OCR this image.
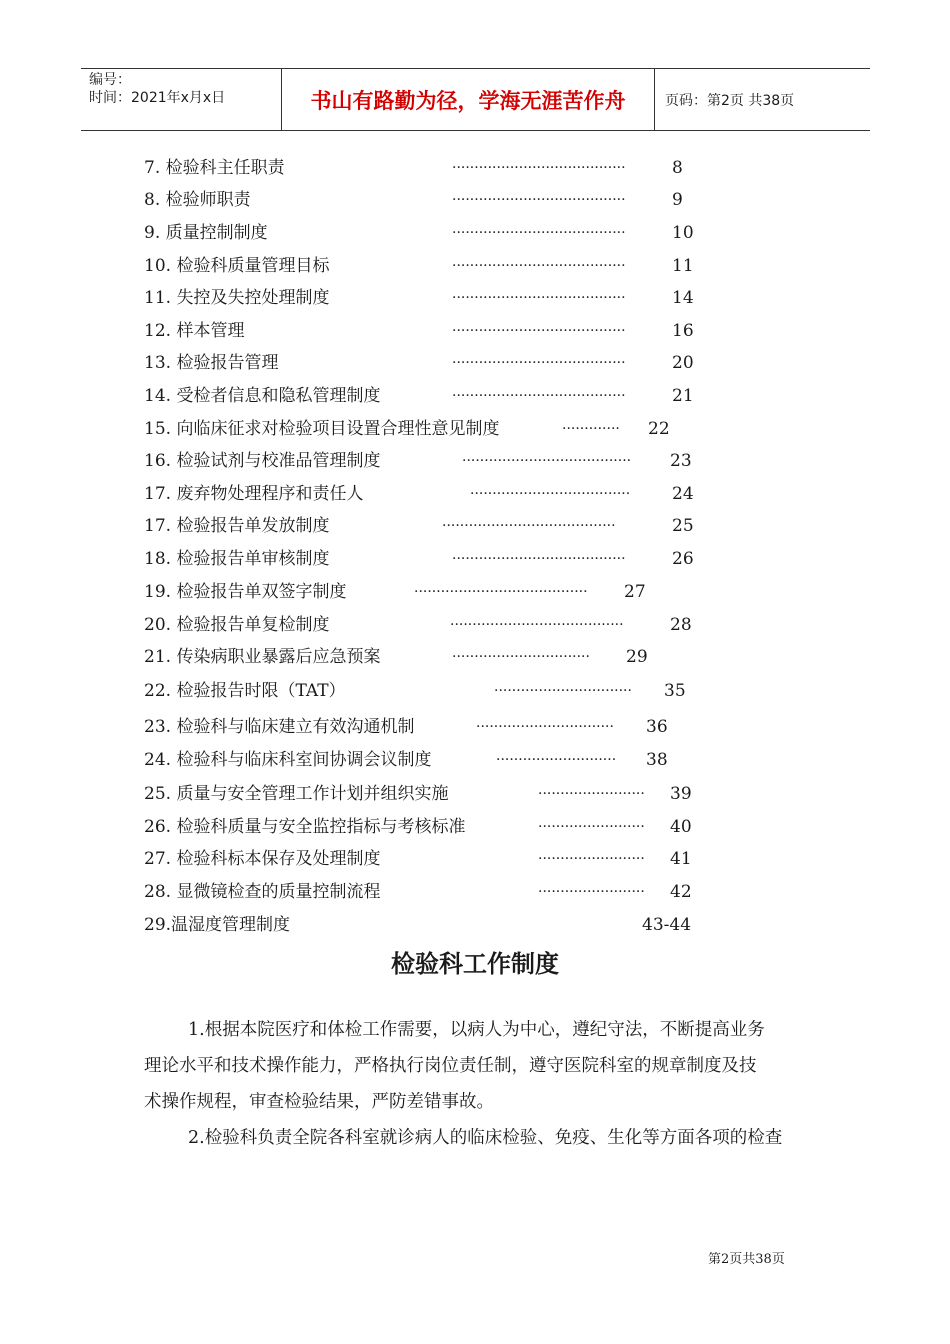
编号：
时间：2021年x月x日	书山有路勤为径，学海无涯苦作舟	页码：第2页 共38页
7. 检验科主任职责	·······································	8
8. 检验师职责	·······································	9
9. 质量控制制度	·······································	10
10. 检验科质量管理目标	·······································	11
11. 失控及失控处理制度	·······································	14
12. 样本管理	·······································	16
13. 检验报告管理	·······································	20
14. 受检者信息和隐私管理制度	·······································	21
15. 向临床征求对检验项目设置合理性意见制度	·············	22
16. 检验试剂与校准品管理制度	······································	23
17. 废弃物处理程序和责任人	····································	24
17. 检验报告单发放制度	·······································	25
18. 检验报告单审核制度	·······································	26
19. 检验报告单双签字制度	·······································	27
20. 检验报告单复检制度	·······································	28
21. 传染病职业暴露后应急预案	·······························	29
22. 检验报告时限（TAT）	·······························	35
23. 检验科与临床建立有效沟通机制	·······························	36
24. 检验科与临床科室间协调会议制度	···························	38
25. 质量与安全管理工作计划并组织实施	························	39
26. 检验科质量与安全监控指标与考核标准	························	40
27. 检验科标本保存及处理制度	························	41
28. 显微镜检查的质量控制流程	························	42
29.温湿度管理制度	43-44
检验科工作制度
1.根据本院医疗和体检工作需要，以病人为中心，遵纪守法，不断提高业务
理论水平和技术操作能力，严格执行岗位责任制，遵守医院科室的规章制度及技
术操作规程，审查检验结果，严防差错事故。
2.检验科负责全院各科室就诊病人的临床检验、免疫、生化等方面各项的检查
第2页共38页
